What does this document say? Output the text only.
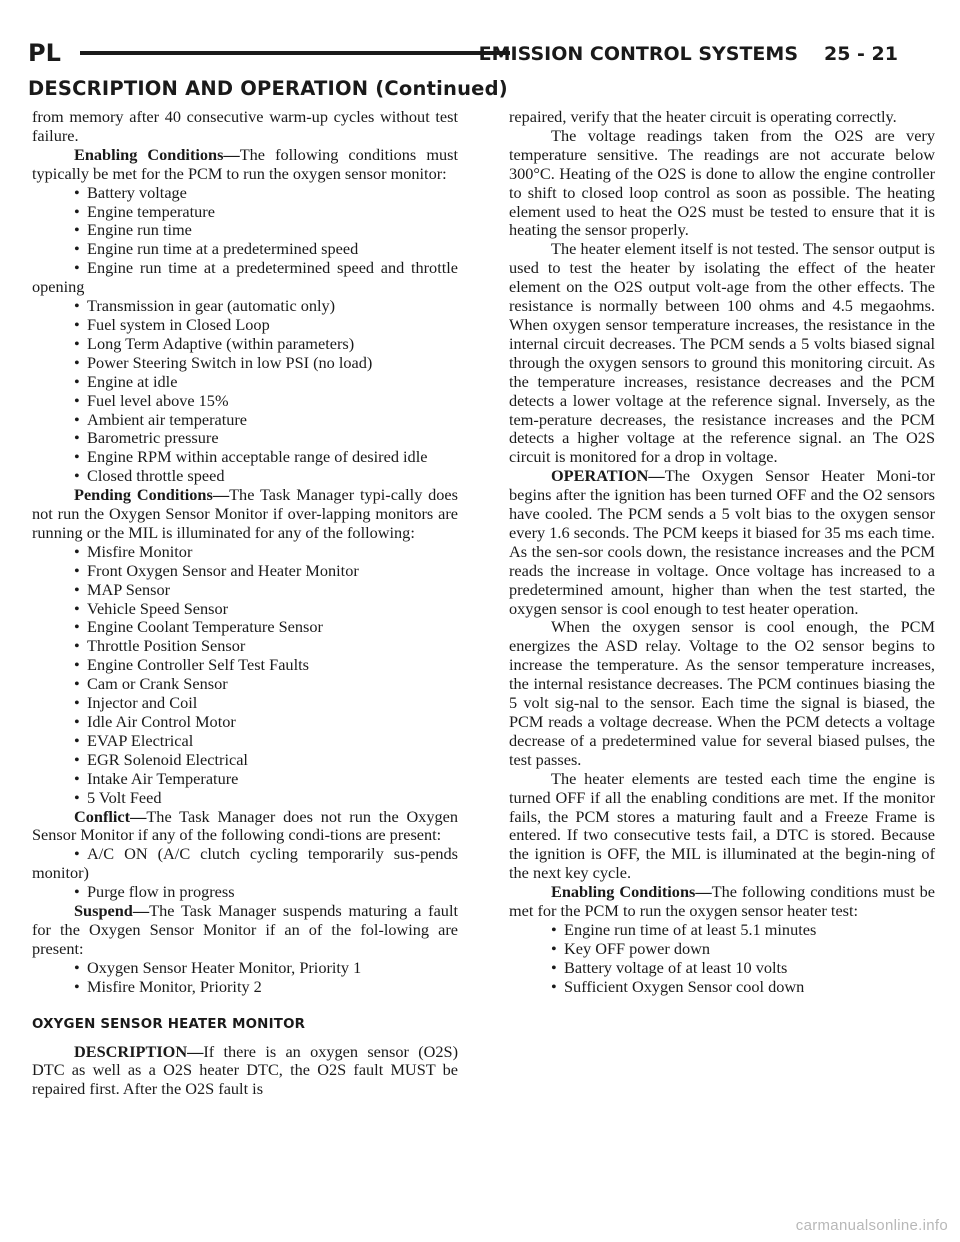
PL	EMISSION CONTROL SYSTEMS 25 - 21
DESCRIPTION AND OPERATION (Continued)

from memory after 40 consecutive warm-up cycles without test failure.

Enabling Conditions—The following conditions must typically be met for the PCM to run the oxygen sensor monitor:

• Battery voltage

• Engine temperature

• Engine run time

• Engine run time at a predetermined speed

• Engine run time at a predetermined speed and throttle opening

• Transmission in gear (automatic only)

• Fuel system in Closed Loop

• Long Term Adaptive (within parameters)

• Power Steering Switch in low PSI (no load)

• Engine at idle

• Fuel level above 15%

• Ambient air temperature

• Barometric pressure

• Engine RPM within acceptable range of desired idle

• Closed throttle speed

Pending Conditions—The Task Manager typi-cally does not run the Oxygen Sensor Monitor if over-lapping monitors are running or the MIL is illuminated for any of the following:

• Misfire Monitor

• Front Oxygen Sensor and Heater Monitor

• MAP Sensor

• Vehicle Speed Sensor

• Engine Coolant Temperature Sensor

• Throttle Position Sensor

• Engine Controller Self Test Faults

• Cam or Crank Sensor

• Injector and Coil

• Idle Air Control Motor

• EVAP Electrical

• EGR Solenoid Electrical

• Intake Air Temperature

• 5 Volt Feed

Conflict—The Task Manager does not run the Oxygen Sensor Monitor if any of the following condi-tions are present:

• A/C ON (A/C clutch cycling temporarily sus-pends monitor)

• Purge flow in progress

Suspend—The Task Manager suspends maturing a fault for the Oxygen Sensor Monitor if an of the fol-lowing are present:

• Oxygen Sensor Heater Monitor, Priority 1

• Misfire Monitor, Priority 2

OXYGEN SENSOR HEATER MONITOR

DESCRIPTION—If there is an oxygen sensor (O2S) DTC as well as a O2S heater DTC, the O2S fault MUST be repaired first. After the O2S fault is

repaired, verify that the heater circuit is operating correctly.

The voltage readings taken from the O2S are very temperature sensitive. The readings are not accurate below 300°C. Heating of the O2S is done to allow the engine controller to shift to closed loop control as soon as possible. The heating element used to heat the O2S must be tested to ensure that it is heating the sensor properly.

The heater element itself is not tested. The sensor output is used to test the heater by isolating the effect of the heater element on the O2S output volt-age from the other effects. The resistance is normally between 100 ohms and 4.5 megaohms. When oxygen sensor temperature increases, the resistance in the internal circuit decreases. The PCM sends a 5 volts biased signal through the oxygen sensors to ground this monitoring circuit. As the temperature increases, resistance decreases and the PCM detects a lower voltage at the reference signal. Inversely, as the tem-perature decreases, the resistance increases and the PCM detects a higher voltage at the reference signal. an The O2S circuit is monitored for a drop in voltage.

OPERATION—The Oxygen Sensor Heater Moni-tor begins after the ignition has been turned OFF and the O2 sensors have cooled. The PCM sends a 5 volt bias to the oxygen sensor every 1.6 seconds. The PCM keeps it biased for 35 ms each time. As the sen-sor cools down, the resistance increases and the PCM reads the increase in voltage. Once voltage has increased to a predetermined amount, higher than when the test started, the oxygen sensor is cool enough to test heater operation.

When the oxygen sensor is cool enough, the PCM energizes the ASD relay. Voltage to the O2 sensor begins to increase the temperature. As the sensor temperature increases, the internal resistance decreases. The PCM continues biasing the 5 volt sig-nal to the sensor. Each time the signal is biased, the PCM reads a voltage decrease. When the PCM detects a voltage decrease of a predetermined value for several biased pulses, the test passes.

The heater elements are tested each time the engine is turned OFF if all the enabling conditions are met. If the monitor fails, the PCM stores a maturing fault and a Freeze Frame is entered. If two consecutive tests fail, a DTC is stored. Because the ignition is OFF, the MIL is illuminated at the begin-ning of the next key cycle.

Enabling Conditions—The following conditions must be met for the PCM to run the oxygen sensor heater test:

• Engine run time of at least 5.1 minutes

• Key OFF power down

• Battery voltage of at least 10 volts

• Sufficient Oxygen Sensor cool down

carmanualsonline.info
